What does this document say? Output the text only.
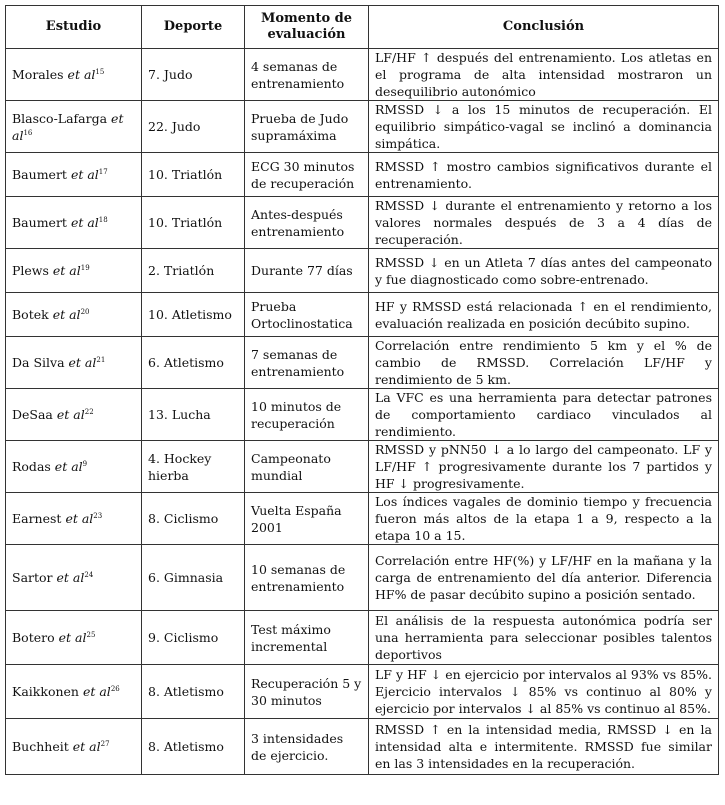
Estudio	Deporte	Momento de evaluación	Conclusión
Morales et $al^{15}$	7. Judo	4 semanas de entrenamiento	LF/HF ↑ después del entrenamiento. Los atletas en el programa de alta intensidad mostraron un desequilibrio autonómico
Blasco-Lafarga et $al^{16}$	22. Judo	Prueba de Judo supramáxima	RMSSD ↓ a los 15 minutos de recuperación. El equilibrio simpático-vagal se inclinó a dominancia simpática.
Baumert et $al^{17}$	10. Triatlón	ECG 30 minutos de recuperación	RMSSD ↑ mostro cambios significativos durante el entrenamiento.
Baumert et $al^{18}$	10. Triatlón	Antes-después entrenamiento	RMSSD ↓ durante el entrenamiento y retorno a los valores normales después de 3 a 4 días de recuperación.
Plews et $al^{19}$	2. Triatlón	Durante 77 días	RMSSD ↓ en un Atleta 7 días antes del campeonato y fue diagnosticado como sobre-entrenado.
Botek et $al^{20}$	10. Atletismo	Prueba Ortoclinostatica	HF y RMSSD está relacionada ↑ en el rendimiento, evaluación realizada en posición decúbito supino.
Da Silva et $al^{21}$	6. Atletismo	7 semanas de entrenamiento	Correlación entre rendimiento 5 km y el % de cambio de RMSSD. Correlación LF/HF y rendimiento de 5 km.
DeSaa et $al^{22}$	13. Lucha	10 minutos de recuperación	La VFC es una herramienta para detectar patrones de comportamiento cardiaco vinculados al rendimiento.
Rodas et $al^9$	4. Hockey hierba	Campeonato mundial	RMSSD y pNN50 ↓ a lo largo del campeonato. LF y LF/HF ↑ progresivamente durante los 7 partidos y HF ↓ progresivamente.
Earnest et $al^{23}$	8. Ciclismo	Vuelta España 2001	Los índices vagales de dominio tiempo y frecuencia fueron más altos de la etapa 1 a 9, respecto a la etapa 10 a 15.
Sartor et $al^{24}$	6. Gimnasia	10 semanas de entrenamiento	Correlación entre HF(%) y LF/HF en la mañana y la carga de entrenamiento del día anterior. Diferencia HF% de pasar decúbito supino a posición sentado.
Botero et $al^{25}$	9. Ciclismo	Test máximo incremental	El análisis de la respuesta autonómica podría ser una herramienta para seleccionar posibles talentos deportivos
Kaikkonen et $al^{26}$	8. Atletismo	Recuperación 5 y 30 minutos	LF y HF ↓ en ejercicio por intervalos al 93% vs 85%. Ejercicio intervalos ↓ 85% vs continuo al 80% y ejercicio por intervalos ↓ al 85% vs continuo al 85%.
Buchheit et $al^{27}$	8. Atletismo	3 intensidades de ejercicio.	RMSSD ↑ en la intensidad media, RMSSD ↓ en la intensidad alta e intermitente. RMSSD fue similar en las 3 intensidades en la recuperación.
